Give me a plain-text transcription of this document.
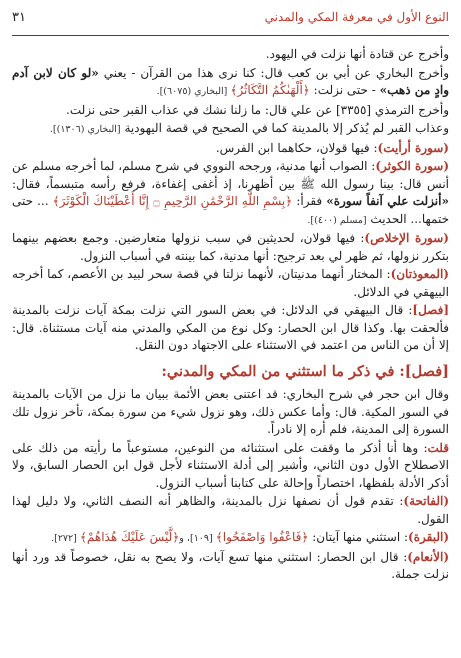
النوع الأول في معرفة المكي والمدني
٣١

وأخرج عن قتادة أنها نزلت في اليهود.

وأخرج البخاري عن أبي بن كعب قال: كنا نرى هذا من القرآن - يعني «لو كان لابن آدم وادٍ من ذهب» - حتى نزلت: ﴿أَلْهَىٰكُمُ التَّكَاثُرُ﴾ [البخاري (٦٠٧٥)].

وأخرج الترمذي [٣٣٥٥] عن علي قال: ما زلنا نشك في عذاب القبر حتى نزلت.

وعذاب القبر لم يُذكر إلا بالمدينة كما في الصحيح في قصة اليهودية [البخاري (١٣٠٦)].

(سورة أرأيت): فيها قولان، حكاهما ابن الفرس.

(سورة الكوثر): الصواب أنها مدنية، ورجحه النووي في شرح مسلم، لما أخرجه مسلم عن أنس قال: بينا رسول الله ﷺ بين أظهرنا، إذ أغفى إغفاءة، فرفع رأسه متبسماً، فقال: «أنزلت علي آنفاً سورة» فقرأ: ﴿بِسْمِ اللَّهِ الرَّحْمَٰنِ الرَّحِيمِ ۝ إِنَّا أَعْطَيْنَاكَ الْكَوْثَرَ﴾ ... حتى ختمها... الحديث [مسلم (٤٠٠)].

(سورة الإخلاص): فيها قولان، لحديثين في سبب نزولها متعارضين. وجمع بعضهم بينهما بتكرر نزولها، ثم ظهر لي بعد ترجيح: أنها مدنية، كما بينته في أسباب النزول.

(المعوذتان): المختار أنهما مدنيتان، لأنهما نزلتا في قصة سحر لبيد بن الأعصم، كما أخرجه البيهقي في الدلائل.

[فصل]: قال البيهقي في الدلائل: في بعض السور التي نزلت بمكة آيات نزلت بالمدينة فألحقت بها. وكذا قال ابن الحصار: وكل نوع من المكي والمدني منه آيات مستثناة. قال: إلا أن من الناس من اعتمد في الاستثناء على الاجتهاد دون النقل.

[فصل]: في ذكر ما استثني من المكي والمدني:

وقال ابن حجر في شرح البخاري: قد اعتنى بعض الأئمة ببيان ما نزل من الآيات بالمدينة في السور المكية. قال: وأما عكس ذلك، وهو نزول شيء من سورة بمكة، تأخر نزول تلك السورة إلى المدينة، فلم أره إلا نادراً.

قلت: وها أنا أذكر ما وقفت على استثنائه من النوعين، مستوعباً ما رأيته من ذلك على الاصطلاح الأول دون الثاني، وأشير إلى أدلة الاستثناء لأجل قول ابن الحصار السابق، ولا أذكر الأدلة بلفظها، اختصاراً وإحالة على كتابنا أسباب النزول.

(الفاتحة): تقدم قول أن نصفها نزل بالمدينة، والظاهر أنه النصف الثاني، ولا دليل لهذا القول.

(البقرة): استثني منها آيتان: ﴿فَاعْفُوا وَاصْفَحُوا﴾ [١٠٩]، و﴿لَّيْسَ عَلَيْكَ هُدَاهُمْ﴾ [٢٧٢].

(الأنعام): قال ابن الحصار: استثني منها تسع آيات، ولا يصح به نقل، خصوصاً قد ورد أنها نزلت جملة.
